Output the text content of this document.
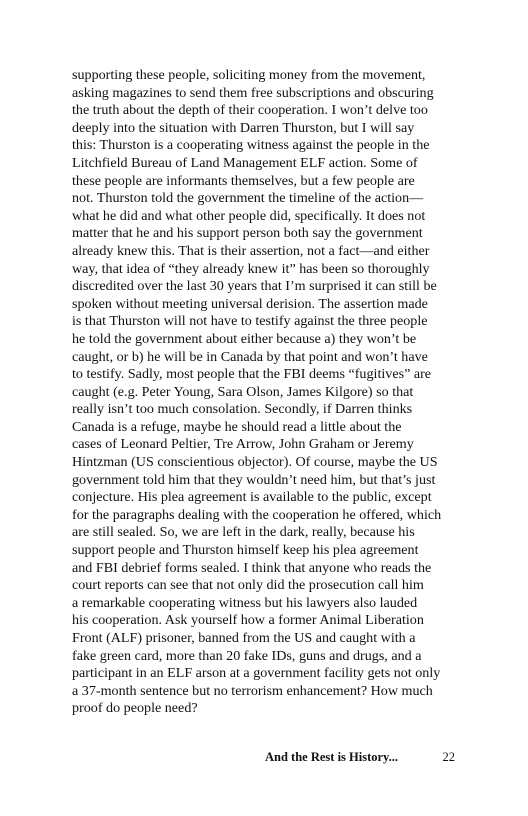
supporting these people, soliciting money from the movement,
asking magazines to send them free subscriptions and obscuring
the truth about the depth of their cooperation. I won’t delve too
deeply into the situation with Darren Thurston, but I will say
this: Thurston is a cooperating witness against the people in the
Litchfield Bureau of Land Management ELF action. Some of
these people are informants themselves, but a few people are
not. Thurston told the government the timeline of the action—
what he did and what other people did, specifically. It does not
matter that he and his support person both say the government
already knew this. That is their assertion, not a fact—and either
way, that idea of “they already knew it” has been so thoroughly
discredited over the last 30 years that I’m surprised it can still be
spoken without meeting universal derision. The assertion made
is that Thurston will not have to testify against the three people
he told the government about either because a) they won’t be
caught, or b) he will be in Canada by that point and won’t have
to testify. Sadly, most people that the FBI deems “fugitives” are
caught (e.g. Peter Young, Sara Olson, James Kilgore) so that
really isn’t too much consolation. Secondly, if Darren thinks
Canada is a refuge, maybe he should read a little about the
cases of Leonard Peltier, Tre Arrow, John Graham or Jeremy
Hintzman (US conscientious objector). Of course, maybe the US
government told him that they wouldn’t need him, but that’s just
conjecture. His plea agreement is available to the public, except
for the paragraphs dealing with the cooperation he offered, which
are still sealed. So, we are left in the dark, really, because his
support people and Thurston himself keep his plea agreement
and FBI debrief forms sealed. I think that anyone who reads the
court reports can see that not only did the prosecution call him
a remarkable cooperating witness but his lawyers also lauded
his cooperation. Ask yourself how a former Animal Liberation
Front (ALF) prisoner, banned from the US and caught with a
fake green card, more than 20 fake IDs, guns and drugs, and a
participant in an ELF arson at a government facility gets not only
a 37-month sentence but no terrorism enhancement? How much
proof do people need?
And the Rest is History...	22
